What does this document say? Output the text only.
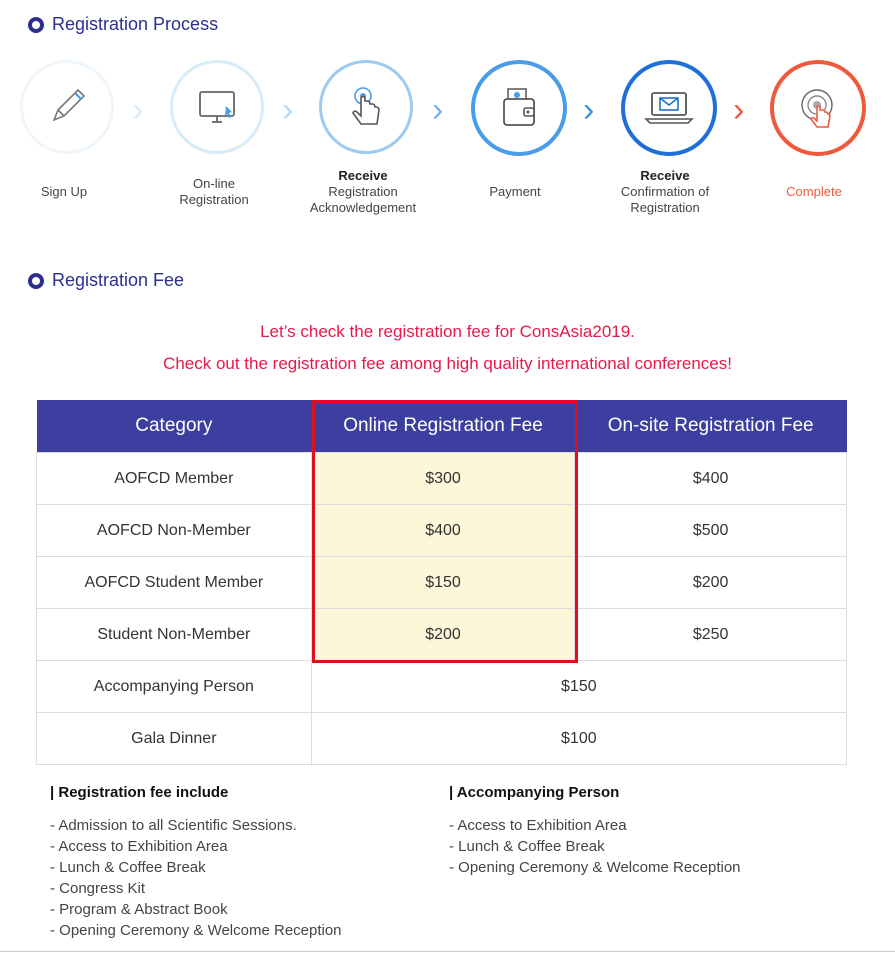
Registration Process
Sign Up
›
On-line
Registration
›
Receive
Registration
Acknowledgement
›
Payment
›
Receive
Confirmation of
Registration
›
Complete
Registration Fee
Let’s check the registration fee for ConsAsia2019.
Check out the registration fee among high quality international conferences!
Category	Online Registration Fee	On-site Registration Fee
AOFCD Member	$300	$400
AOFCD Non-Member	$400	$500
AOFCD Student Member	$150	$200
Student Non-Member	$200	$250
Accompanying Person	$150	
Gala Dinner	$100	
| Registration fee include
- Admission to all Scientific Sessions.
- Access to Exhibition Area
- Lunch & Coffee Break
- Congress Kit
- Program & Abstract Book
- Opening Ceremony & Welcome Reception
| Accompanying Person
- Access to Exhibition Area
- Lunch & Coffee Break
- Opening Ceremony & Welcome Reception
